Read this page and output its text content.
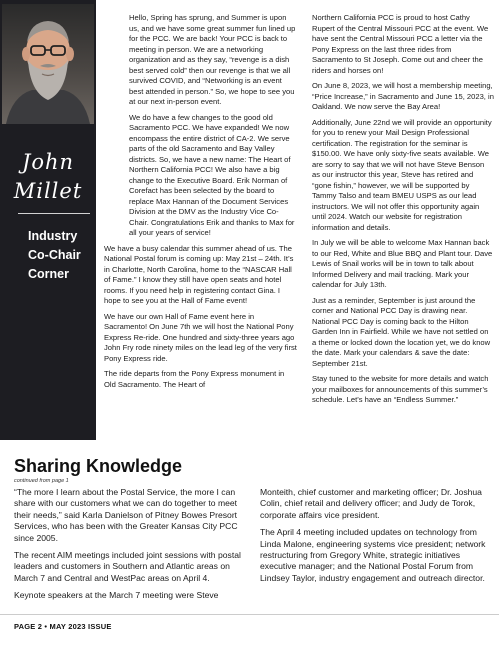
John
Millet
Industry
Co-Chair
Corner

Hello, Spring has sprung, and Summer is upon us, and we have some great summer fun lined up for the PCC. We are back! Your PCC is back to meeting in person. We are a networking organization and as they say, “revenge is a dish best served cold” then our revenge is that we all survived COVID, and “Networking is an event best attended in person.” So, we hope to see you at our next in-person event.

We do have a few changes to the good old Sacramento PCC. We have expanded! We now encompass the entire district of CA-2. We serve parts of the old Sacramento and Bay Valley districts. So, we have a new name: The Heart of Northern California PCC! We also have a big change to the Executive Board. Erik Norman of Corefact has been selected by the board to replace Max Hannan of the Document Services Division at the DMV as the Industry Vice Co-Chair. Congratulations Erik and thanks to Max for all your years of service!

We have a busy calendar this summer ahead of us. The National Postal forum is coming up: May 21st – 24th. It’s in Charlotte, North Carolina, home to the “NASCAR Hall of Fame.” I know they still have open seats and hotel rooms. If you need help in registering contact Gina. I hope to see you at the Hall of Fame event!

We have our own Hall of Fame event here in Sacramento! On June 7th we will host the National Pony Express Re-ride. One hundred and sixty-three years ago John Fry rode ninety miles on the lead leg of the very first Pony Express ride.

The ride departs from the Pony Express monument in Old Sacramento. The Heart of

Northern California PCC is proud to host Cathy Rupert of the Central Missouri PCC at the event. We have sent the Central Missouri PCC a letter via the Pony Express on the last three rides from Sacramento to St Joseph. Come out and cheer the riders and horses on!

On June 8, 2023, we will host a membership meeting, “Price Increase,” in Sacramento and June 15, 2023, in Oakland. We now serve the Bay Area!

Additionally, June 22nd we will provide an opportunity for you to renew your Mail Design Professional certification. The registration for the seminar is $150.00. We have only sixty-five seats available. We are sorry to say that we will not have Steve Benson as our instructor this year, Steve has retired and “gone fishin,” however, we will be supported by Tammy Talso and team BMEU USPS as our lead instructors. We will not offer this opportunity again until 2024. Watch our website for registration information and details.

In July we will be able to welcome Max Hannan back to our Red, White and Blue BBQ and Plant tour. Dave Lewis of Snail works will be in town to talk about Informed Delivery and mail tracking. Mark your calendar for July 13th.

Just as a reminder, September is just around the corner and National PCC Day is drawing near. National PCC Day is coming back to the Hilton Garden Inn in Fairfield. While we have not settled on a theme or locked down the location yet, we do know the date. Mark your calendars & save the date: September 21st.

Stay tuned to the website for more details and watch your mailboxes for announcements of this summer’s schedule. Let’s have an “Endless Summer.”

Sharing Knowledge
continued from page 1

“The more I learn about the Postal Service, the more I can share with our customers what we can do together to meet their needs,” said Karla Danielson of Pitney Bowes Presort Services, who has been with the Greater Kansas City PCC since 2005.

The recent AIM meetings included joint sessions with postal leaders and customers in Southern and Atlantic areas on March 7 and Central and WestPac areas on April 4.

Keynote speakers at the March 7 meeting were Steve

Monteith, chief customer and marketing officer; Dr. Joshua Colin, chief retail and delivery officer; and Judy de Torok, corporate affairs vice president.

The April 4 meeting included updates on technology from Linda Malone, engineering systems vice president; network restructuring from Gregory White, strategic initiatives executive manager; and the National Postal Forum from Lindsey Taylor, industry engagement and outreach director.

PAGE 2 • MAY 2023 ISSUE
